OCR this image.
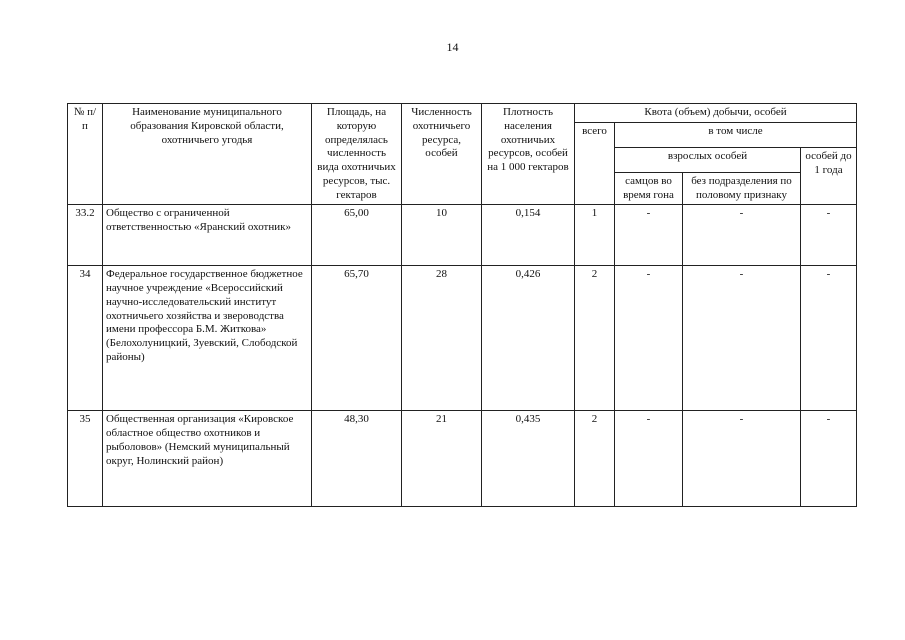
14
№ п/п	Наименование муниципального образования Кировской области, охотничьего угодья	Площадь, на которую определялась численность вида охотничьих ресурсов, тыс. гектаров	Численность охотничьего ресурса, особей	Плотность населения охотничьих ресурсов, особей на 1 000 гектаров	Квота (объем) добычи, особей			
					всего	в том числе		
						взрослых особей		особей до 1 года
						самцов во время гона	без подразделения по половому признаку	
33.2	Общество с ограниченной ответственностью «Яранский охотник»	65,00	10	0,154	1	-	-	-
34	Федеральное государственное бюджетное научное учреждение «Всероссийский научно-исследовательский институт охотничьего хозяйства и звероводства имени профессора Б.М. Житкова» (Белохолуницкий, Зуевский, Слободской районы)	65,70	28	0,426	2	-	-	-
35	Общественная организация «Кировское областное общество охотников и рыболовов» (Немский муниципальный округ, Нолинский район)	48,30	21	0,435	2	-	-	-
